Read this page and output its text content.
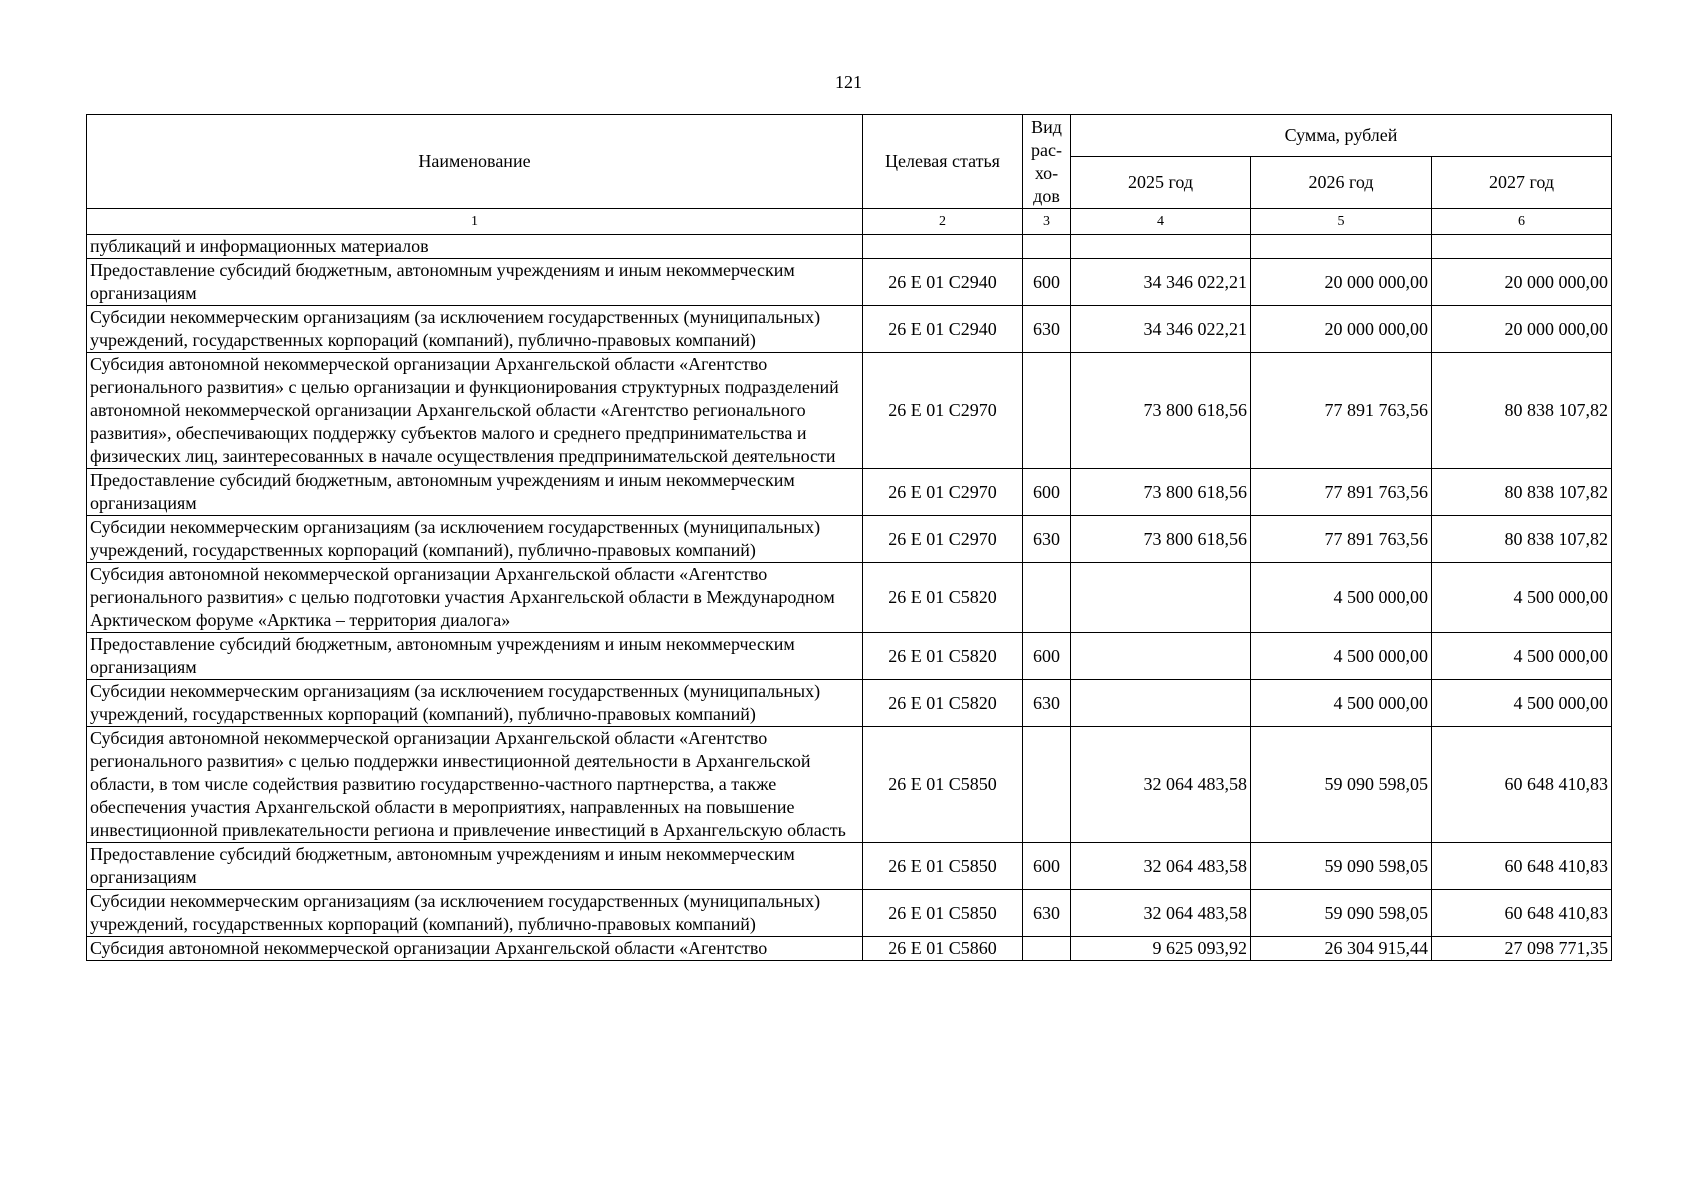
121
Наименование	Целевая статья	Вид рас- хо- дов	Сумма, рублей		
			2025 год	2026 год	2027 год
1	2	3	4	5	6
публикаций и информационных материалов					
Предоставление субсидий бюджетным, автономным учреждениям и иным некоммерческим организациям	26 Е 01 С2940	600	34 346 022,21	20 000 000,00	20 000 000,00
Субсидии некоммерческим организациям (за исключением государственных (муниципальных) учреждений, государственных корпораций (компаний), публично-правовых компаний)	26 Е 01 С2940	630	34 346 022,21	20 000 000,00	20 000 000,00
Субсидия автономной некоммерческой организации Архангельской области «Агентство регионального развития» с целью организации и функционирования структурных подразделений автономной некоммерческой организации Архангельской области «Агентство регионального развития», обеспечивающих поддержку субъектов малого и среднего предпринимательства и физических лиц, заинтересованных в начале осуществления предпринимательской деятельности	26 Е 01 С2970		73 800 618,56	77 891 763,56	80 838 107,82
Предоставление субсидий бюджетным, автономным учреждениям и иным некоммерческим организациям	26 Е 01 С2970	600	73 800 618,56	77 891 763,56	80 838 107,82
Субсидии некоммерческим организациям (за исключением государственных (муниципальных) учреждений, государственных корпораций (компаний), публично-правовых компаний)	26 Е 01 С2970	630	73 800 618,56	77 891 763,56	80 838 107,82
Субсидия автономной некоммерческой организации Архангельской области «Агентство регионального развития» с целью подготовки участия Архангельской области в Международном Арктическом форуме «Арктика – территория диалога»	26 Е 01 С5820			4 500 000,00	4 500 000,00
Предоставление субсидий бюджетным, автономным учреждениям и иным некоммерческим организациям	26 Е 01 С5820	600		4 500 000,00	4 500 000,00
Субсидии некоммерческим организациям (за исключением государственных (муниципальных) учреждений, государственных корпораций (компаний), публично-правовых компаний)	26 Е 01 С5820	630		4 500 000,00	4 500 000,00
Субсидия автономной некоммерческой организации Архангельской области «Агентство регионального развития» с целью поддержки инвестиционной деятельности в Архангельской области, в том числе содействия развитию государственно-частного партнерства, а также обеспечения участия Архангельской области в мероприятиях, направленных на повышение инвестиционной привлекательности региона и привлечение инвестиций в Архангельскую область	26 Е 01 С5850		32 064 483,58	59 090 598,05	60 648 410,83
Предоставление субсидий бюджетным, автономным учреждениям и иным некоммерческим организациям	26 Е 01 С5850	600	32 064 483,58	59 090 598,05	60 648 410,83
Субсидии некоммерческим организациям (за исключением государственных (муниципальных) учреждений, государственных корпораций (компаний), публично-правовых компаний)	26 Е 01 С5850	630	32 064 483,58	59 090 598,05	60 648 410,83
Субсидия автономной некоммерческой организации Архангельской области «Агентство	26 Е 01 С5860		9 625 093,92	26 304 915,44	27 098 771,35
